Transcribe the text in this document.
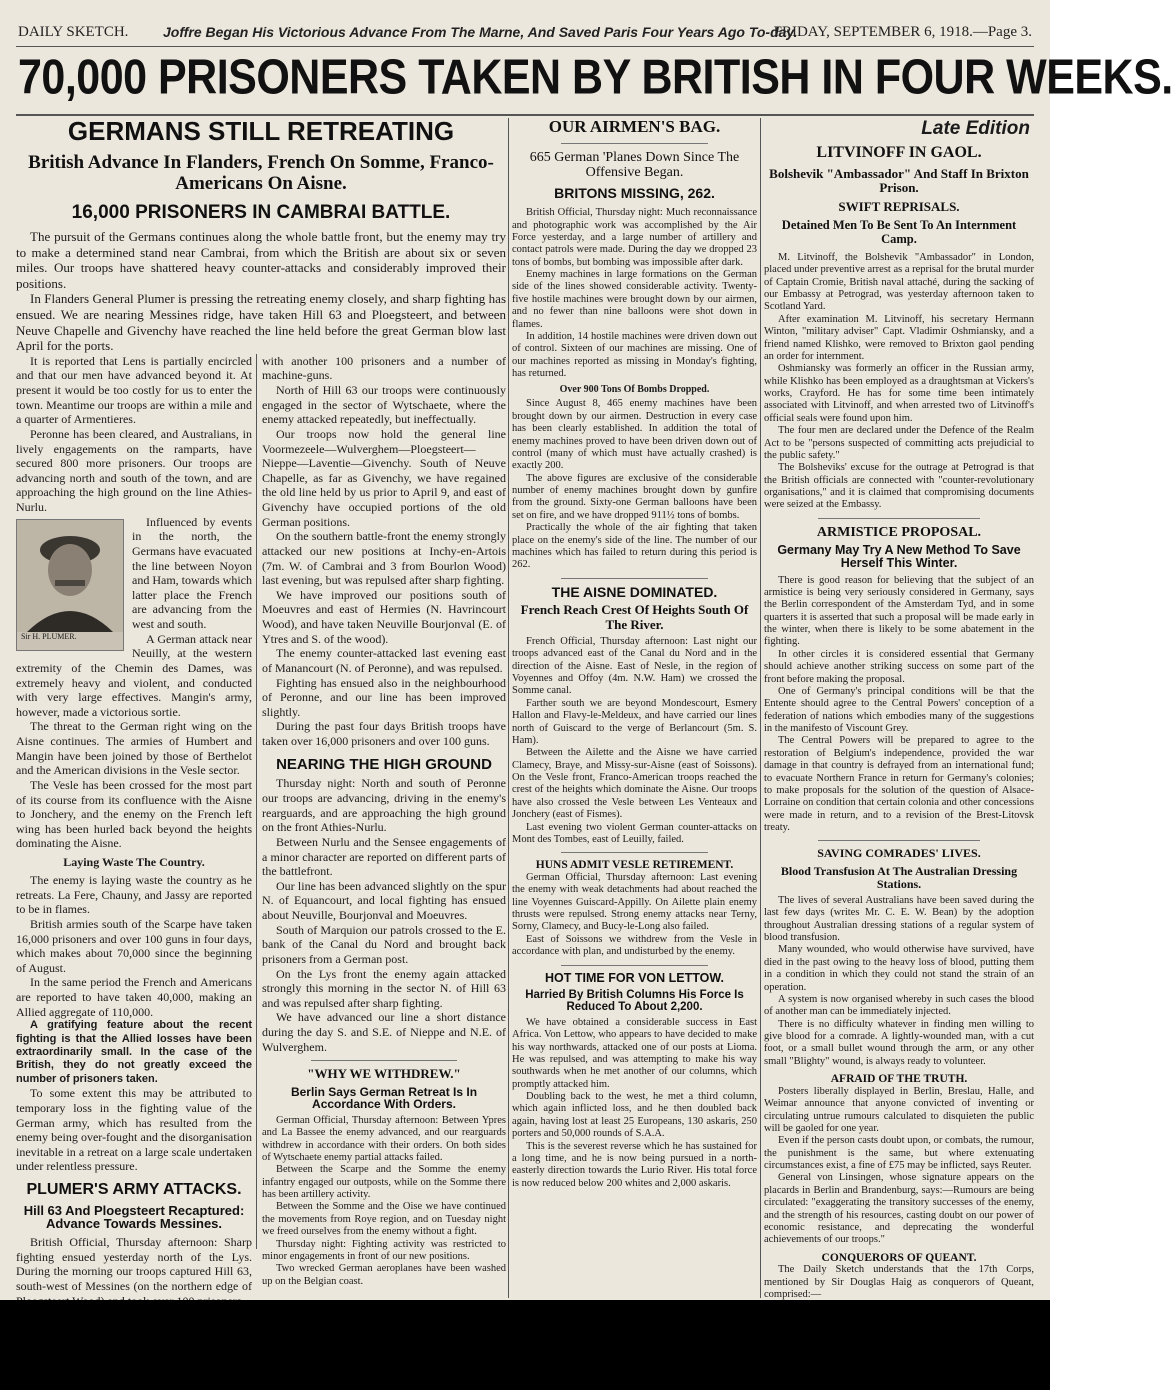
DAILY SKETCH. Joffre Began His Victorious Advance From The Marne, And Saved Paris Four Years Ago To-day.
FRIDAY, SEPTEMBER 6, 1918.—Page 3.
70,000 PRISONERS TAKEN BY BRITISH IN FOUR WEEKS.
GERMANS STILL RETREATING
British Advance In Flanders, French On Somme, Franco-Americans On Aisne.
16,000 PRISONERS IN CAMBRAI BATTLE.

The pursuit of the Germans continues along the whole battle front, but the enemy may try to make a determined stand near Cambrai, from which the British are about six or seven miles. Our troops have shattered heavy counter-attacks and considerably improved their positions.

In Flanders General Plumer is pressing the retreating enemy closely, and sharp fighting has ensued. We are nearing Messines ridge, have taken Hill 63 and Ploegsteert, and between Neuve Chapelle and Givenchy have reached the line held before the great German blow last April for the ports.

It is reported that Lens is partially encircled and that our men have advanced beyond it. At present it would be too costly for us to enter the town. Meantime our troops are within a mile and a quarter of Armentieres.

Peronne has been cleared, and Australians, in lively engagements on the ramparts, have secured 800 more prisoners. Our troops are advancing north and south of the town, and are approaching the high ground on the line Athies-Nurlu.

Sir H. PLUMER.

Influenced by events in the north, the Germans have evacuated the line between Noyon and Ham, towards which latter place the French are advancing from the west and south.

A German attack near Neuilly, at the western extremity of the Chemin des Dames, was extremely heavy and violent, and conducted with very large effectives. Mangin's army, however, made a victorious sortie.

The threat to the German right wing on the Aisne continues. The armies of Humbert and Mangin have been joined by those of Berthelot and the American divisions in the Vesle sector.

The Vesle has been crossed for the most part of its course from its confluence with the Aisne to Jonchery, and the enemy on the French left wing has been hurled back beyond the heights dominating the Aisne.

Laying Waste The Country.

The enemy is laying waste the country as he retreats. La Fere, Chauny, and Jassy are reported to be in flames.

British armies south of the Scarpe have taken 16,000 prisoners and over 100 guns in four days, which makes about 70,000 since the beginning of August.

In the same period the French and Americans are reported to have taken 40,000, making an Allied aggregate of 110,000.

A gratifying feature about the recent fighting is that the Allied losses have been extraordinarily small. In the case of the British, they do not greatly exceed the number of prisoners taken.

To some extent this may be attributed to temporary loss in the fighting value of the German army, which has resulted from the enemy being over-fought and the disorganisation inevitable in a retreat on a large scale undertaken under relentless pressure.

PLUMER'S ARMY ATTACKS.
Hill 63 And Ploegsteert Recaptured: Advance Towards Messines.

British Official, Thursday afternoon: Sharp fighting ensued yesterday north of the Lys. During the morning our troops captured Hill 63, south-west of Messines (on the northern edge of

with another 100 prisoners and a number of machine-guns.

North of Hill 63 our troops were continuously engaged in the sector of Wytschaete, where the enemy attacked repeatedly, but ineffectually.

Our troops now hold the general line Voormezeele—Wulverghem—Ploegsteert—Nieppe—Laventie—Givenchy. South of Neuve Chapelle, as far as Givenchy, we have regained the old line held by us prior to April 9, and east of Givenchy have occupied portions of the old German positions.

On the southern battle-front the enemy strongly attacked our new positions at Inchy-en-Artois (7m. W. of Cambrai and 3 from Bourlon Wood) last evening, but was repulsed after sharp fighting.

We have improved our positions south of Moeuvres and east of Hermies (N. Havrincourt Wood), and have taken Neuville Bourjonval (E. of Ytres and S. of the wood).

The enemy counter-attacked last evening east of Manancourt (N. of Peronne), and was repulsed.

Fighting has ensued also in the neighbourhood of Peronne, and our line has been improved slightly.

During the past four days British troops have taken over 16,000 prisoners and over 100 guns.

NEARING THE HIGH GROUND

Thursday night: North and south of Peronne our troops are advancing, driving in the enemy's rearguards, and are approaching the high ground on the front Athies-Nurlu.

Between Nurlu and the Sensee engagements of a minor character are reported on different parts of the battlefront.

Our line has been advanced slightly on the spur N. of Equancourt, and local fighting has ensued about Neuville, Bourjonval and Moeuvres.

South of Marquion our patrols crossed to the E. bank of the Canal du Nord and brought back prisoners from a German post.

On the Lys front the enemy again attacked strongly this morning in the sector N. of Hill 63 and was repulsed after sharp fighting.

We have advanced our line a short distance during the day S. and S.E. of Nieppe and N.E. of Wulverghem.

"WHY WE WITHDREW."
Berlin Says German Retreat Is In Accordance With Orders.

German Official, Thursday afternoon: Between Ypres and La Bassee the enemy advanced, and our rearguards withdrew in accordance with their orders. On both sides of Wytschaete enemy partial attacks failed.

Between the Scarpe and the Somme the enemy infantry engaged our outposts, while on the Somme there has been artillery activity.

Between the Somme and the Oise we have continued the movements from Roye region, and on Tuesday night we freed ourselves from the enemy without a fight.

Thursday night: Fighting activity was restricted to minor engagements in front of our new positions.

Two wrecked German aeroplanes have been washed up on the Belgian coast.

OUR AIRMEN'S BAG.
665 German 'Planes Down Since The Offensive Began.
BRITONS MISSING, 262.

British Official, Thursday night: Much reconnaissance and photographic work was accomplished by the Air Force yesterday, and a large number of artillery and contact patrols were made. During the day we dropped 23 tons of bombs, but bombing was impossible after dark.

Enemy machines in large formations on the German side of the lines showed considerable activity. Twenty-five hostile machines were brought down by our airmen, and no fewer than nine balloons were shot down in flames.

In addition, 14 hostile machines were driven down out of control. Sixteen of our machines are missing. One of our machines reported as missing in Monday's fighting, has returned.

Over 900 Tons Of Bombs Dropped.

Since August 8, 465 enemy machines have been brought down by our airmen. Destruction in every case has been clearly established. In addition the total of enemy machines proved to have been driven down out of control (many of which must have actually crashed) is exactly 200.

The above figures are exclusive of the considerable number of enemy machines brought down by gunfire from the ground. Sixty-one German balloons have been set on fire, and we have dropped 911½ tons of bombs.

Practically the whole of the air fighting that taken place on the enemy's side of the line. The number of our machines which has failed to return during this period is 262.

THE AISNE DOMINATED.
French Reach Crest Of Heights South Of The River.

French Official, Thursday afternoon: Last night our troops advanced east of the Canal du Nord and in the direction of the Aisne. East of Nesle, in the region of Voyennes and Offoy (4m. N.W. Ham) we crossed the Somme canal.

Farther south we are beyond Mondescourt, Esmery Hallon and Flavy-le-Meldeux, and have carried our lines north of Guiscard to the verge of Berlancourt (5m. S. Ham).

Between the Ailette and the Aisne we have carried Clamecy, Braye, and Missy-sur-Aisne (east of Soissons). On the Vesle front, Franco-American troops reached the crest of the heights which dominate the Aisne. Our troops have also crossed the Vesle between Les Venteaux and Jonchery (east of Fismes).

Last evening two violent German counter-attacks on Mont des Tombes, east of Leuilly, failed.

HUNS ADMIT VESLE RETIREMENT.

German Official, Thursday afternoon: Last evening the enemy with weak detachments had about reached the line Voyennes Guiscard-Appilly. On Ailette plain enemy thrusts were repulsed. Strong enemy attacks near Terny, Sorny, Clamecy, and Bucy-le-Long also failed.

East of Soissons we withdrew from the Vesle in accordance with plan, and undisturbed by the enemy.

HOT TIME FOR VON LETTOW.
Harried By British Columns His Force Is Reduced To About 2,200.

We have obtained a considerable success in East Africa. Von Lettow, who appears to have decided to make his way northwards, attacked one of our posts at Lioma. He was repulsed, and was attempting to make his way southwards when he met another of our columns, which promptly attacked him.

Doubling back to the west, he met a third column, which again inflicted loss, and he then doubled back again, having lost at least 25 Europeans, 130 askaris, 250 porters and 50,000 rounds of S.A.A.

This is the severest reverse which he has sustained for a long time, and he is now being pursued in a north-easterly direction towards the Lurio River. His total force is now reduced below 200 whites and 2,000 askaris.

Late Edition
LITVINOFF IN GAOL.
Bolshevik "Ambassador" And Staff In Brixton Prison.
SWIFT REPRISALS.
Detained Men To Be Sent To An Internment Camp.

M. Litvinoff, the Bolshevik "Ambassador" in London, placed under preventive arrest as a reprisal for the brutal murder of Captain Cromie, British naval attaché, during the sacking of our Embassy at Petrograd, was yesterday afternoon taken to Scotland Yard.

After examination M. Litvinoff, his secretary Hermann Winton, "military adviser" Capt. Vladimir Oshmiansky, and a friend named Klishko, were removed to Brixton gaol pending an order for internment.

Oshmiansky was formerly an officer in the Russian army, while Klishko has been employed as a draughtsman at Vickers's works, Crayford. He has for some time been intimately associated with Litvinoff, and when arrested two of Litvinoff's official seals were found upon him.

The four men are declared under the Defence of the Realm Act to be "persons suspected of committing acts prejudicial to the public safety."

The Bolsheviks' excuse for the outrage at Petrograd is that the British officials are connected with "counter-revolutionary organisations," and it is claimed that compromising documents were seized at the Embassy.

ARMISTICE PROPOSAL.
Germany May Try A New Method To Save Herself This Winter.

There is good reason for believing that the subject of an armistice is being very seriously considered in Germany, says the Berlin correspondent of the Amsterdam Tyd, and in some quarters it is asserted that such a proposal will be made early in the winter, when there is likely to be some abatement in the fighting.

In other circles it is considered essential that Germany should achieve another striking success on some part of the front before making the proposal.

One of Germany's principal conditions will be that the Entente should agree to the Central Powers' conception of a federation of nations which embodies many of the suggestions in the manifesto of Viscount Grey.

The Central Powers will be prepared to agree to the restoration of Belgium's independence, provided the war damage in that country is defrayed from an international fund; to evacuate Northern France in return for Germany's colonies; to make proposals for the solution of the question of Alsace-Lorraine on condition that certain colonia and other concessions were made in return, and to a revision of the Brest-Litovsk treaty.

SAVING COMRADES' LIVES.
Blood Transfusion At The Australian Dressing Stations.

The lives of several Australians have been saved during the last few days (writes Mr. C. E. W. Bean) by the adoption throughout Australian dressing stations of a regular system of blood transfusion.

Many wounded, who would otherwise have survived, have died in the past owing to the heavy loss of blood, putting them in a condition in which they could not stand the strain of an operation.

A system is now organised whereby in such cases the blood of another man can be immediately injected.

There is no difficulty whatever in finding men willing to give blood for a comrade. A lightly-wounded man, with a cut foot, or a small bullet wound through the arm, or any other small "Blighty" wound, is always ready to volunteer.

AFRAID OF THE TRUTH.

Posters liberally displayed in Berlin, Breslau, Halle, and Weimar announce that anyone convicted of inventing or circulating untrue rumours calculated to disquieten the public will be gaoled for one year.

Even if the person casts doubt upon, or combats, the rumour, the punishment is the same, but where extenuating circumstances exist, a fine of £75 may be inflicted, says Reuter.

General von Linsingen, whose signature appears on the placards in Berlin and Brandenburg, says:—Rumours are being circulated: "exaggerating the transitory successes of the enemy, and the strength of his resources, casting doubt on our power of economic resistance, and deprecating the wonderful achievements of our troops."

CONQUERORS OF QUEANT.

The Daily Sketch understands that the 17th Corps, mentioned by Sir Douglas Haig as conquerors of Queant, comprised:—
